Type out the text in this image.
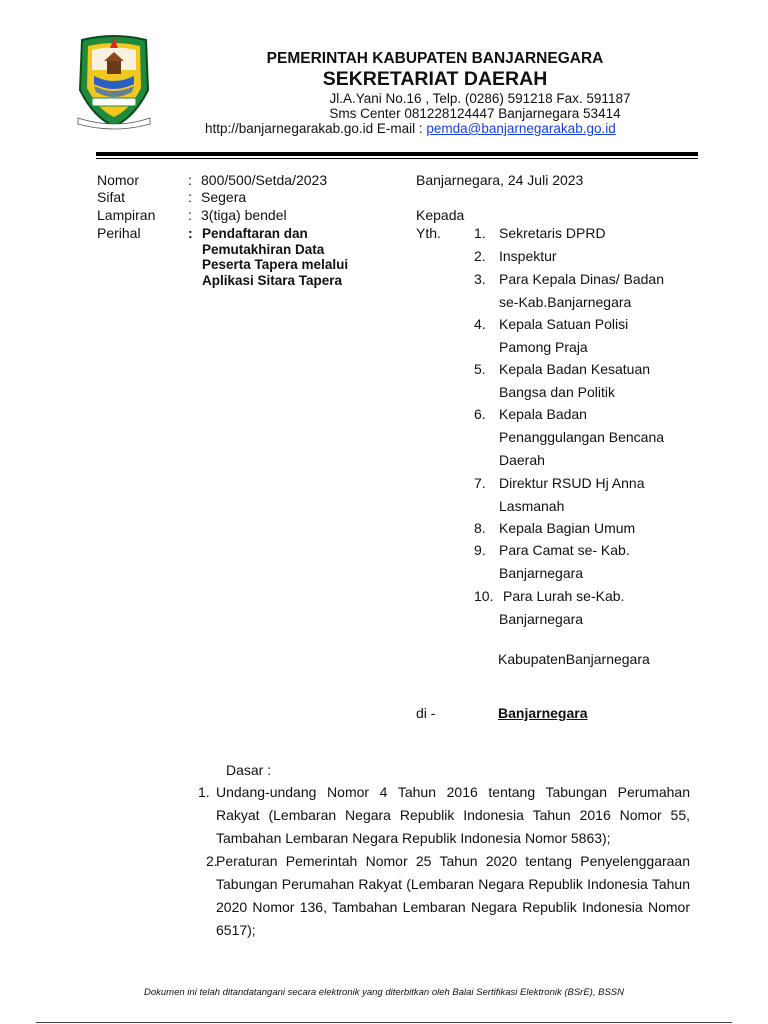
PEMERINTAH KABUPATEN BANJARNEGARA
SEKRETARIAT DAERAH
Jl.A.Yani No.16 , Telp. (0286) 591218 Fax. 591187
Sms Center 081228124447 Banjarnegara 53414
http://banjarnegarakab.go.id E-mail : pemda@banjarnegarakab.go.id
Nomor	: 800/500/Setda/2023
Sifat	: Segera
Lampiran : 3(tiga) bendel
Perihal	: Pendaftaran dan
Pemutakhiran Data
Peserta Tapera melalui
Aplikasi Sitara Tapera
Banjarnegara, 24 Juli 2023
Kepada
Yth. 1. Sekretaris DPRD
2. Inspektur
3. Para Kepala Dinas/ Badan
se-Kab.Banjarnegara
4. Kepala Satuan Polisi
Pamong Praja
5. Kepala Badan Kesatuan
Bangsa dan Politik
6. Kepala Badan
Penanggulangan Bencana
Daerah
7. Direktur RSUD Hj Anna
Lasmanah
8. Kepala Bagian Umum
9. Para Camat se- Kab.
Banjarnegara
10. Para Lurah se-Kab.
Banjarnegara
KabupatenBanjarnegara
di -	Banjarnegara
Dasar :
1. Undang-undang Nomor 4 Tahun 2016 tentang Tabungan Perumahan Rakyat (Lembaran Negara Republik Indonesia Tahun 2016 Nomor 55, Tambahan Lembaran Negara Republik Indonesia Nomor 5863);
2.
Peraturan Pemerintah Nomor 25 Tahun 2020 tentang Penyelenggaraan Tabungan Perumahan Rakyat (Lembaran Negara Republik Indonesia Tahun 2020 Nomor 136, Tambahan Lembaran Negara Republik Indonesia Nomor 6517);
Dokumen ini telah ditandatangani secara elektronik yang diterbitkan oleh Balai Sertifikasi Elektronik (BSrE), BSSN
